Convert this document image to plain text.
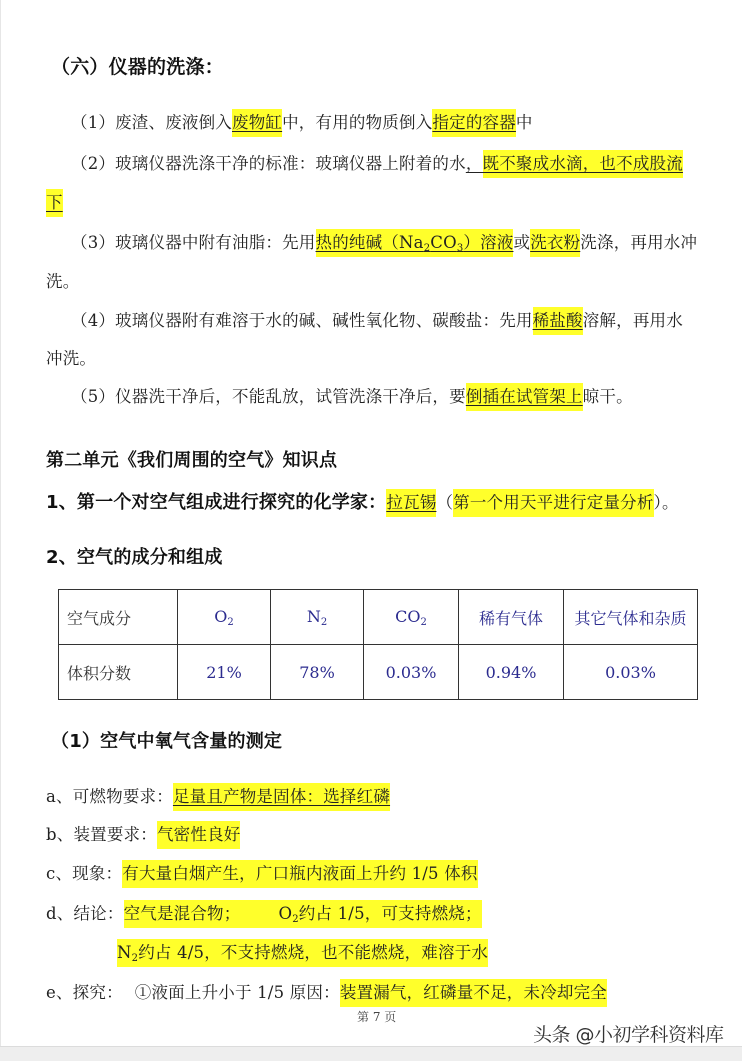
（六）仪器的洗涤：
（1）废渣、废液倒入废物缸中，有用的物质倒入指定的容器中
（2）玻璃仪器洗涤干净的标准：玻璃仪器上附着的水，既不聚成水滴，也不成股流
下
（3）玻璃仪器中附有油脂：先用热的纯碱$(Na_2CO_3)$溶液或洗衣粉洗涤，再用水冲
洗。
（4）玻璃仪器附有难溶于水的碱、碱性氧化物、碳酸盐：先用稀盐酸溶解，再用水
冲洗。
（5）仪器洗干净后，不能乱放，试管洗涤干净后，要倒插在试管架上晾干。
第二单元《我们周围的空气》知识点
1、第一个对空气组成进行探究的化学家：拉瓦锡（第一个用天平进行定量分析）。
2、空气的成分和组成
空气成分	$O_2$	$N_2$	$CO_2$	稀有气体	其它气体和杂质
体积分数	21%	78%	0.03%	0.94%	0.03%
（1）空气中氧气含量的测定
a、可燃物要求：足量且产物是固体：选择红磷
b、装置要求：气密性良好
c、现象：有大量白烟产生，广口瓶内液面上升约 1/5 体积
d、结论：空气是混合物； $O_2$约占 1/5，可支持燃烧；
$N_2$约占 4/5，不支持燃烧，也不能燃烧，难溶于水
e、探究： ①液面上升小于 1/5 原因：装置漏气，红磷量不足，未冷却完全
第 7 页
头条 @小初学科资料库
